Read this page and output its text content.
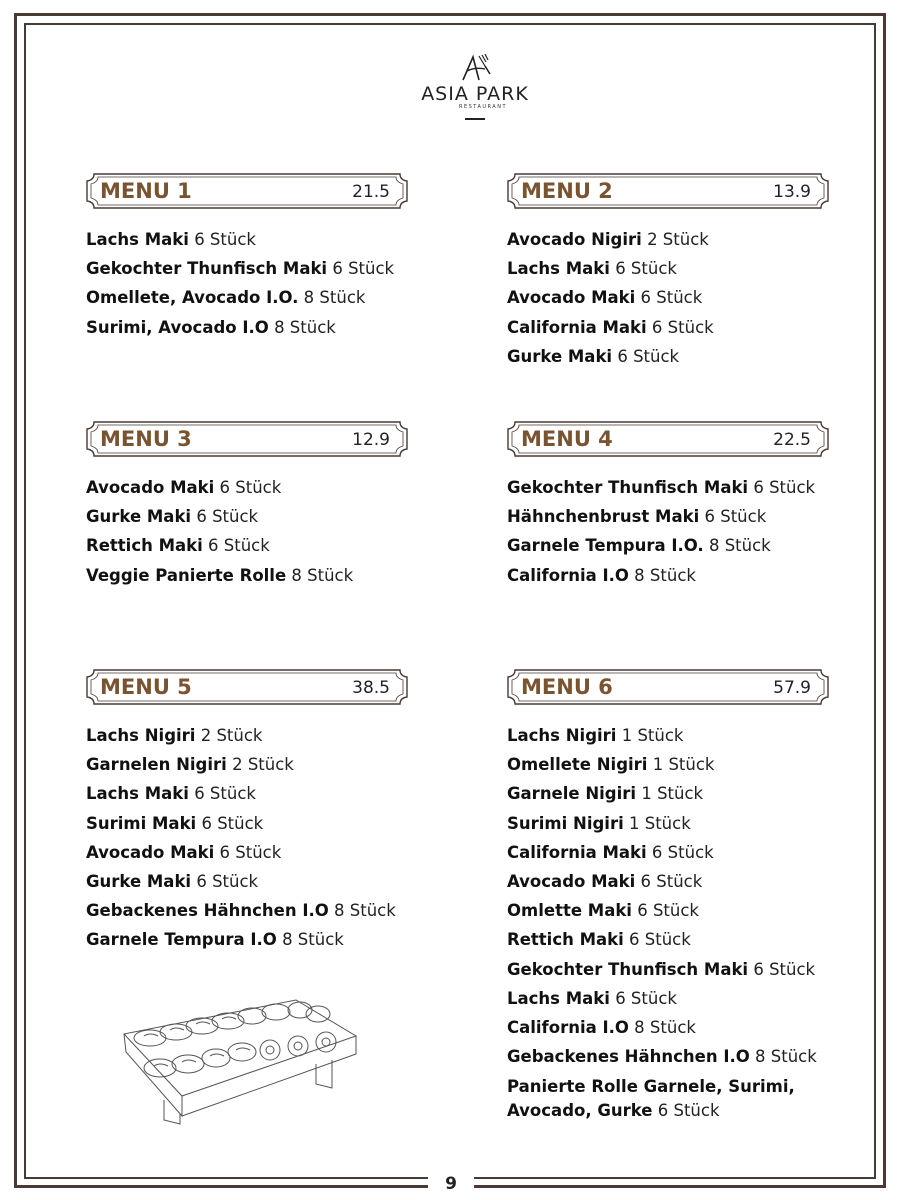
ASIA PARK
RESTAURANT
MENU 1	21.5
Lachs Maki 6 Stück
Gekochter Thunfisch Maki 6 Stück
Omellete, Avocado I.O. 8 Stück
Surimi, Avocado I.O 8 Stück
MENU 2	13.9
Avocado Nigiri 2 Stück
Lachs Maki 6 Stück
Avocado Maki 6 Stück
California Maki 6 Stück
Gurke Maki 6 Stück
MENU 3	12.9
Avocado Maki 6 Stück
Gurke Maki 6 Stück
Rettich Maki 6 Stück
Veggie Panierte Rolle 8 Stück
MENU 4	22.5
Gekochter Thunfisch Maki 6 Stück
Hähnchenbrust Maki 6 Stück
Garnele Tempura I.O. 8 Stück
California I.O 8 Stück
MENU 5	38.5
Lachs Nigiri 2 Stück
Garnelen Nigiri 2 Stück
Lachs Maki 6 Stück
Surimi Maki 6 Stück
Avocado Maki 6 Stück
Gurke Maki 6 Stück
Gebackenes Hähnchen I.O 8 Stück
Garnele Tempura I.O 8 Stück
MENU 6	57.9
Lachs Nigiri 1 Stück
Omellete Nigiri 1 Stück
Garnele Nigiri 1 Stück
Surimi Nigiri 1 Stück
California Maki 6 Stück
Avocado Maki 6 Stück
Omlette Maki 6 Stück
Rettich Maki 6 Stück
Gekochter Thunfisch Maki 6 Stück
Lachs Maki 6 Stück
California I.O 8 Stück
Gebackenes Hähnchen I.O 8 Stück
Panierte Rolle Garnele, Surimi, Avocado, Gurke 6 Stück
9
